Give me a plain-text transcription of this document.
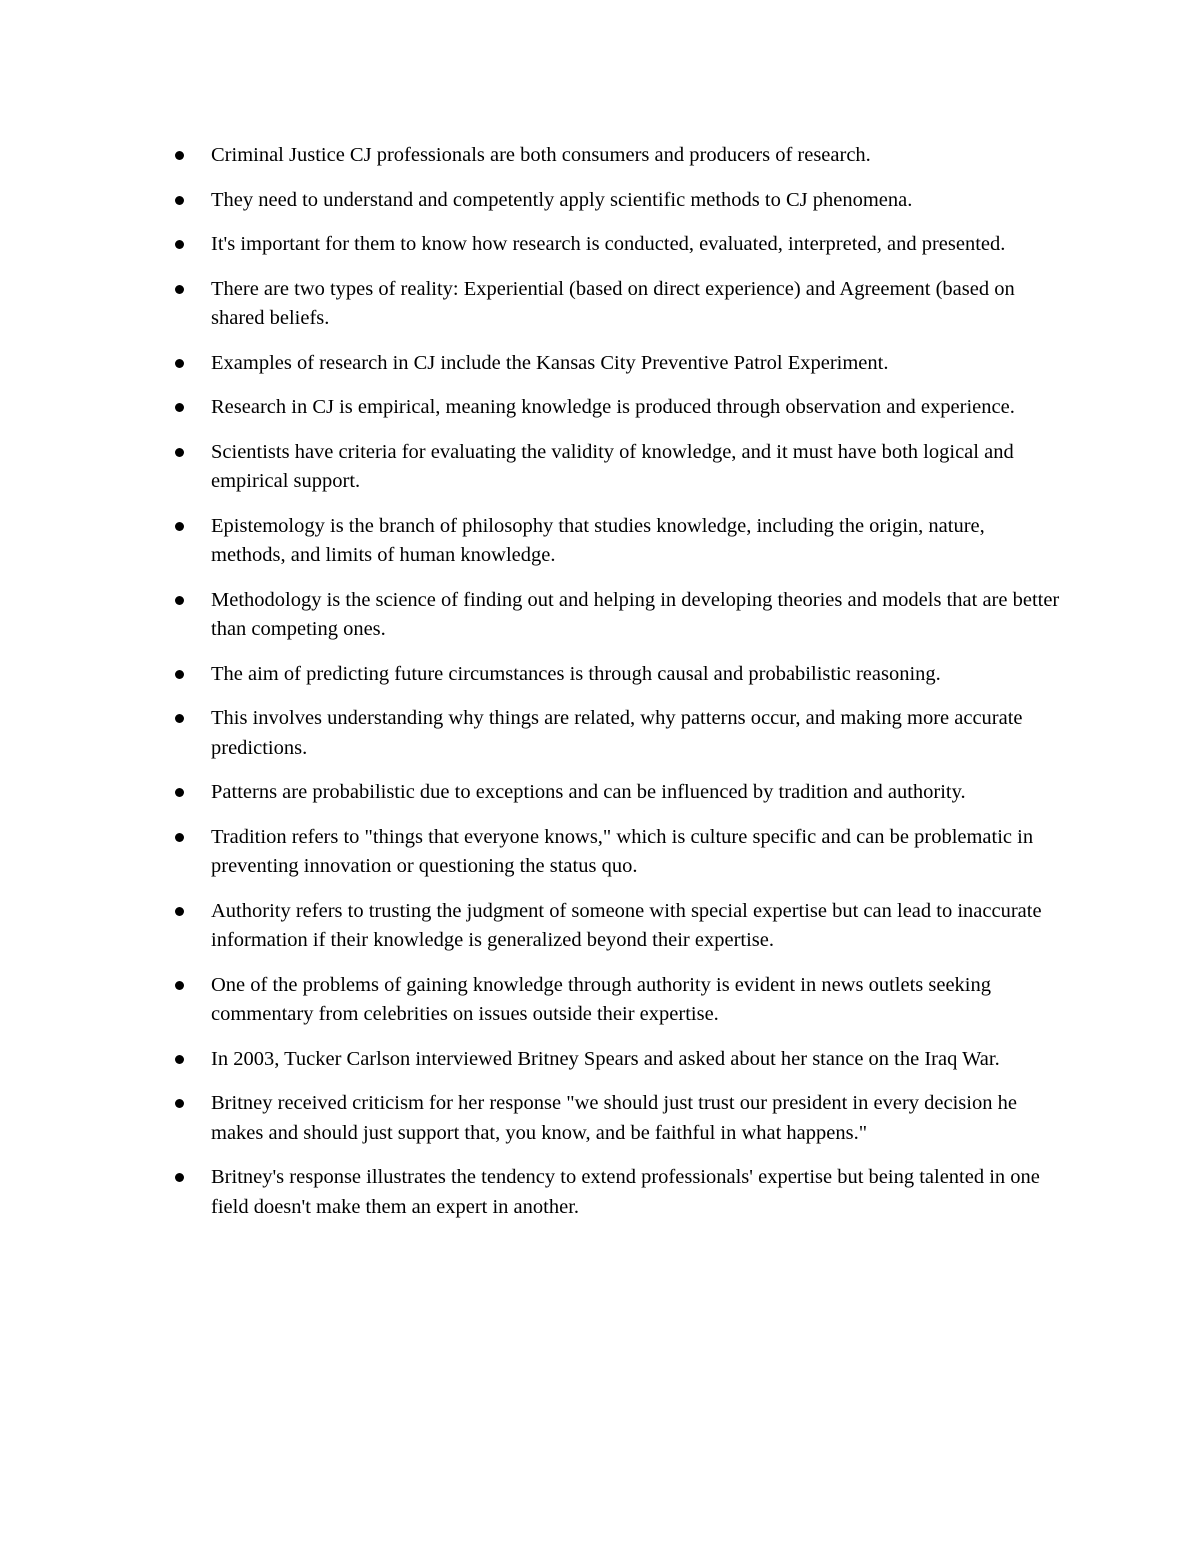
Criminal Justice CJ professionals are both consumers and producers of research.
They need to understand and competently apply scientific methods to CJ phenomena.
It's important for them to know how research is conducted, evaluated, interpreted, and presented.
There are two types of reality: Experiential (based on direct experience) and Agreement (based on shared beliefs.
Examples of research in CJ include the Kansas City Preventive Patrol Experiment.
Research in CJ is empirical, meaning knowledge is produced through observation and experience.
Scientists have criteria for evaluating the validity of knowledge, and it must have both logical and empirical support.
Epistemology is the branch of philosophy that studies knowledge, including the origin, nature, methods, and limits of human knowledge.
Methodology is the science of finding out and helping in developing theories and models that are better than competing ones.
The aim of predicting future circumstances is through causal and probabilistic reasoning.
This involves understanding why things are related, why patterns occur, and making more accurate predictions.
Patterns are probabilistic due to exceptions and can be influenced by tradition and authority.
Tradition refers to "things that everyone knows," which is culture specific and can be problematic in preventing innovation or questioning the status quo.
Authority refers to trusting the judgment of someone with special expertise but can lead to inaccurate information if their knowledge is generalized beyond their expertise.
One of the problems of gaining knowledge through authority is evident in news outlets seeking commentary from celebrities on issues outside their expertise.
In 2003, Tucker Carlson interviewed Britney Spears and asked about her stance on the Iraq War.
Britney received criticism for her response "we should just trust our president in every decision he makes and should just support that, you know, and be faithful in what happens."
Britney's response illustrates the tendency to extend professionals' expertise but being talented in one field doesn't make them an expert in another.
